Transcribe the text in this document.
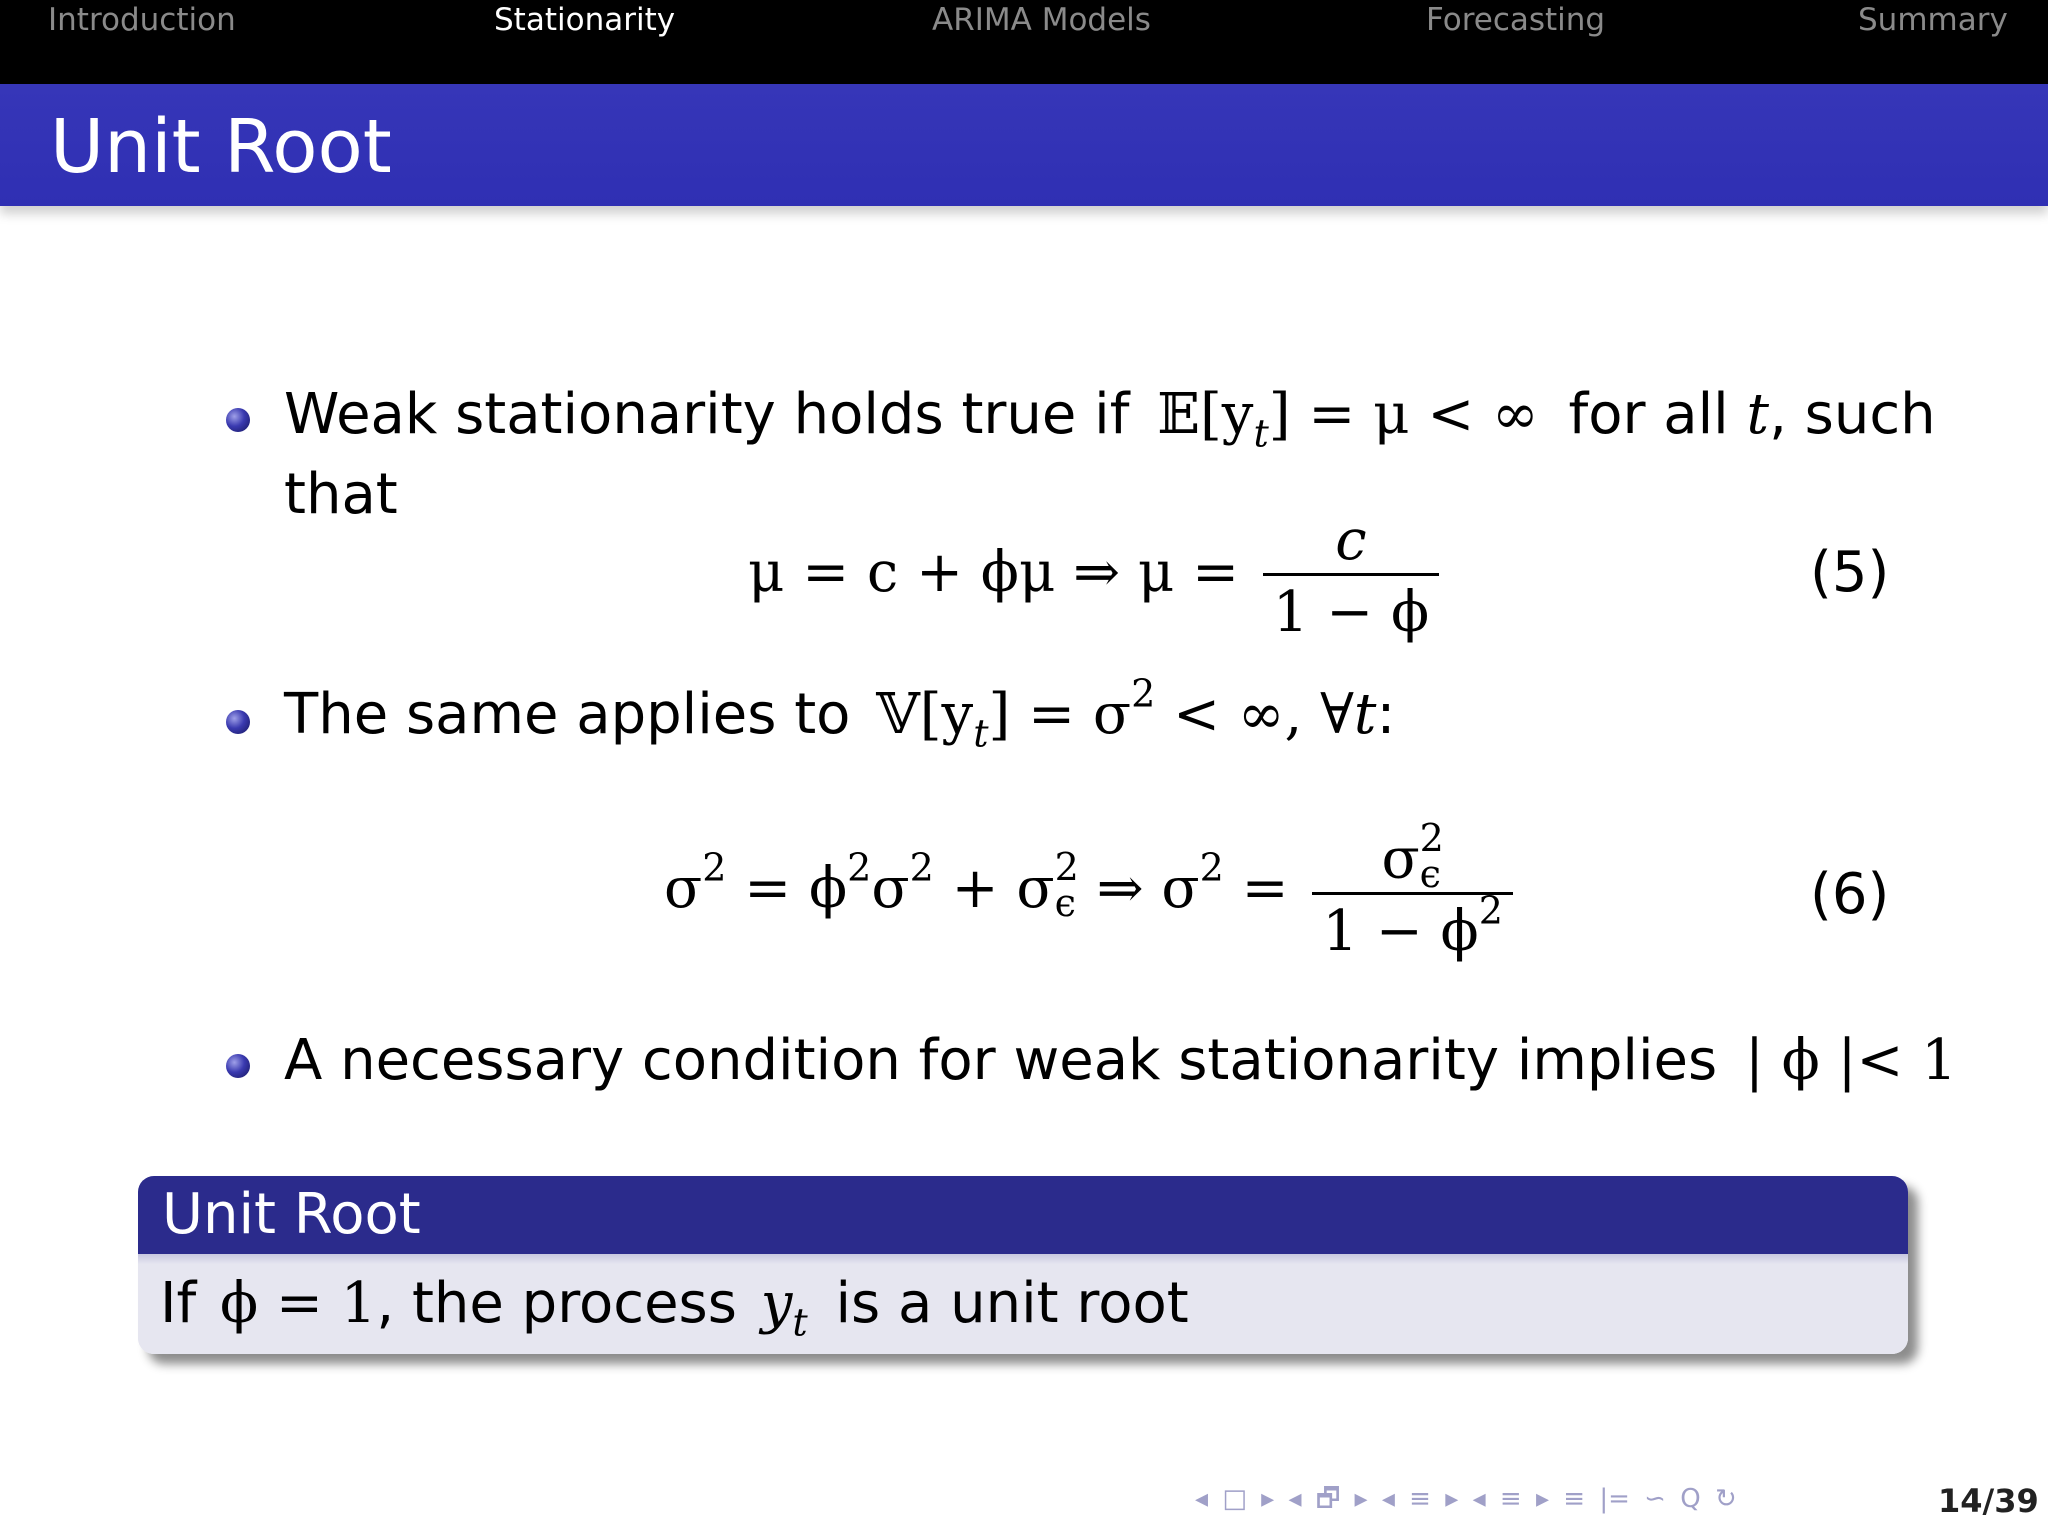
Introduction	Stationarity	ARIMA Models	Forecasting	Summary
Unit Root
Weak stationarity holds true if $𝔼[y_t] = \mu$ < ∞ for all t, such
that
μ = c + ϕμ ⇒ $\mu = \frac{c}{1 - \phi}$	(5)
The same applies to $𝕍[y_t] = \sigma^2$ < ∞, ∀t:
$\sigma^2 = \phi^2\sigma^2 + \sigma$ 2
ϵ ⇒ $\sigma^2 = \sigma$ 2
ϵ
$1 - \phi^2$	(6)
A necessary condition for weak stationarity implies | ϕ |< 1
Unit Root
If ϕ = 1, the process $y_t$ is a unit root
◂ □ ▸ ◂ 🗗 ▸ ◂ ≡ ▸ ◂ ≡ ▸ ≡ |= ∽ Q ↻	14/39
